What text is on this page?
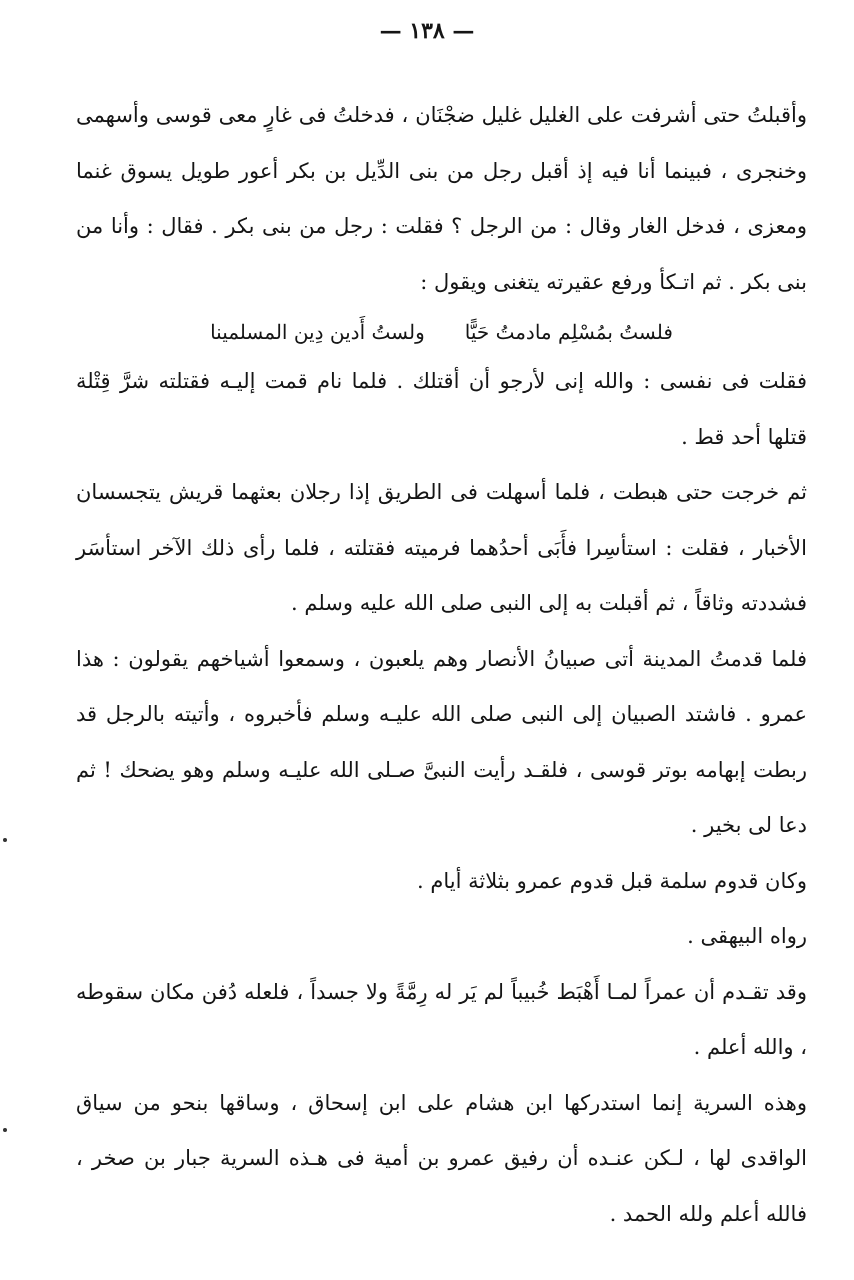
— ١٣٨ —

وأقبلتُ حتى أشرفت على الغليل غليل ضجْنَان ، فدخلتُ فى غارٍ معى قوسى وأسهمى وخنجرى ، فبينما أنا فيه إذ أقبل رجل من بنى الدِّيل بن بكر أعور طويل يسوق غنما ومعزى ، فدخل الغار وقال : من الرجل ؟ فقلت : رجل من بنى بكر . فقال : وأنا من بنى بكر . ثم اتـكأ ورفع عقيرته يتغنى ويقول :

فلستُ بمُسْلِم مادمتُ حَيًّا
ولستُ أَدين دِين المسلمينا

فقلت فى نفسى : والله إنى لأرجو أن أقتلك . فلما نام قمت إليـه فقتلته شرَّ قِتْلة قتلها أحد قط .

ثم خرجت حتى هبطت ، فلما أسهلت فى الطريق إذا رجلان بعثهما قريش يتجسسان الأخبار ، فقلت : استأسِرا فأَبَى أحدُهما فرميته فقتلته ، فلما رأى ذلك الآخر استأسَر فشددته وثاقاً ، ثم أقبلت به إلى النبى صلى الله عليه وسلم .

فلما قدمتُ المدينة أتى صبيانُ الأنصار وهم يلعبون ، وسمعوا أشياخهم يقولون : هذا عمرو . فاشتد الصبيان إلى النبى صلى الله عليـه وسلم فأخبروه ، وأتيته بالرجل قد ربطت إبهامه بوتر قوسى ، فلقـد رأيت النبىَّ صـلى الله عليـه وسلم وهو يضحك ! ثم دعا لى بخير .

وكان قدوم سلمة قبل قدوم عمرو بثلاثة أيام .

رواه البيهقى .

وقد تقـدم أن عمراً لمـا أَهْبَط خُبيباً لم يَر له رِمَّةً ولا جسداً ، فلعله دُفن مكان سقوطه ، والله أعلم .

وهذه السرية إنما استدركها ابن هشام على ابن إسحاق ، وساقها بنحو من سياق الواقدى لها ، لـكن عنـده أن رفيق عمرو بن أمية فى هـذه السرية جبار بن صخر ، فالله أعلم ولله الحمد .
